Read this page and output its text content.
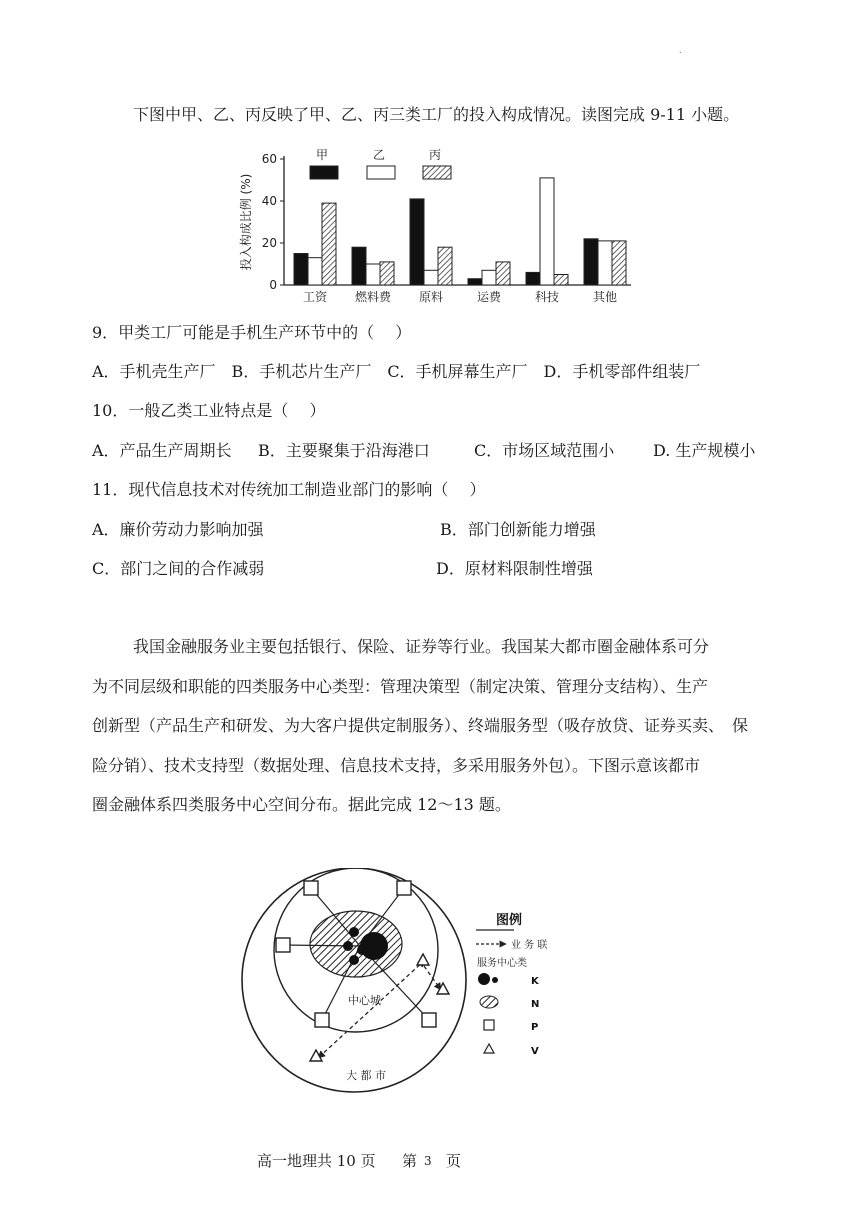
.
下图中甲、乙、丙反映了甲、乙、丙三类工厂的投入构成情况。读图完成 9-11 小题。
0
20
40
60
投入构成比例 (%)
工资 燃料费 原料	运费	科技	其他
甲	乙	丙
9．甲类工厂可能是手机生产环节中的（　 ）
A．手机壳生产厂　B．手机芯片生产厂　C．手机屏幕生产厂　D．手机零部件组装厂
10．一般乙类工业特点是（　 ）
A．产品生产周期长 B．主要聚集于沿海港口	C．市场区域范围小 D. 生产规模小
11．现代信息技术对传统加工制造业部门的影响（　 ）
A．廉价劳动力影响加强	B．部门创新能力增强
C．部门之间的合作减弱	D．原材料限制性增强
我国金融服务业主要包括银行、保险、证券等行业。我国某大都市圈金融体系可分
为不同层级和职能的四类服务中心类型：管理决策型（制定决策、管理分支结构）、生产
创新型（产品生产和研发、为大客户提供定制服务）、终端服务型（吸存放贷、证券买卖、　保
险分销）、技术支持型（数据处理、信息技术支持，多采用服务外包）。下图示意该都市
圈金融体系四类服务中心空间分布。据此完成 12～13 题。
中心城
大 都 市
图例
业 务 联
服务中心类
K
N
P
V
高一地理共 10 页 第 3 页
